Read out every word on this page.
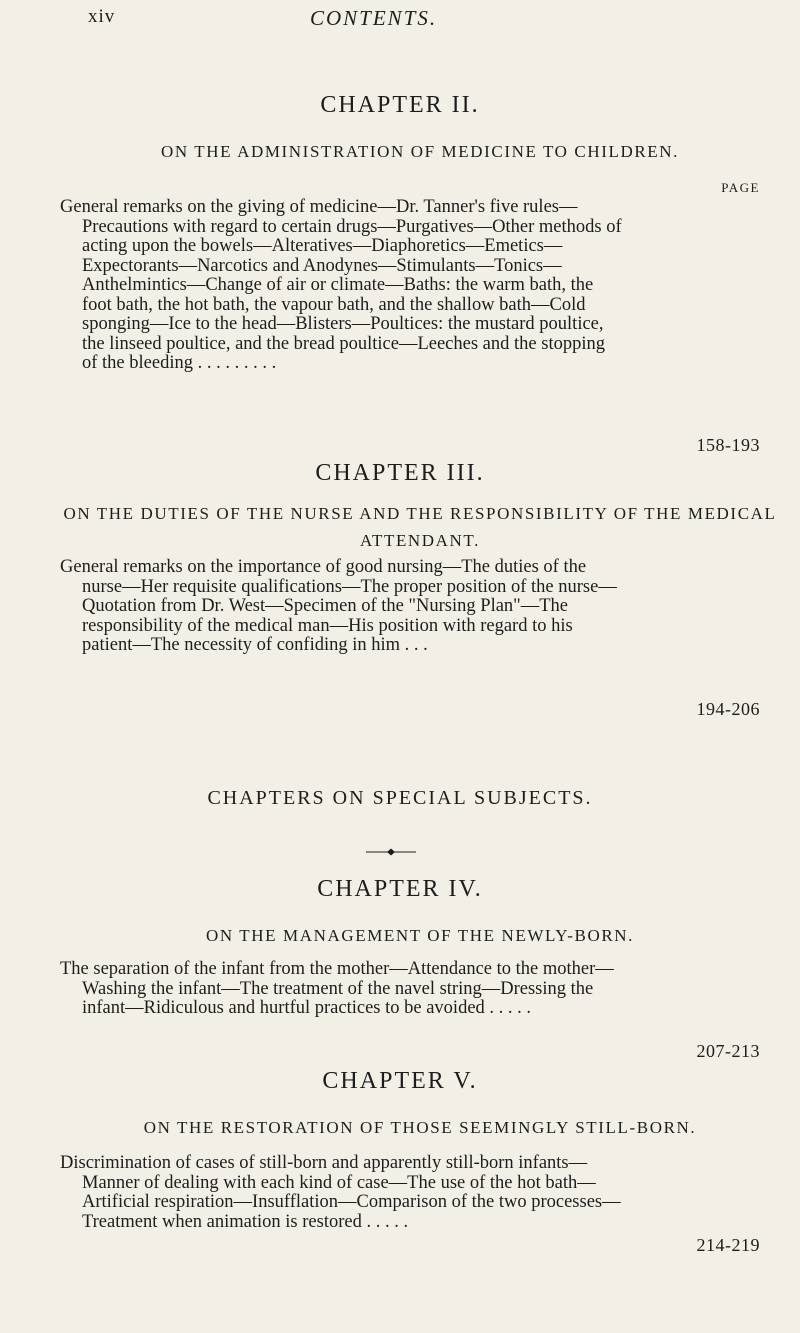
xiv	CONTENTS.
CHAPTER II.
ON THE ADMINISTRATION OF MEDICINE TO CHILDREN.
PAGE
General remarks on the giving of medicine—Dr. Tanner's five rules—Precautions with regard to certain drugs—Purgatives—Other methods of acting upon the bowels—Alteratives—Diaphoretics—Emetics—Expectorants—Narcotics and Anodynes—Stimulants—Tonics—Anthelmintics—Change of air or climate—Baths: the warm bath, the foot bath, the hot bath, the vapour bath, and the shallow bath—Cold sponging—Ice to the head—Blisters—Poultices: the mustard poultice, the linseed poultice, and the bread poultice—Leeches and the stopping of the bleeding . . . . . . . . .
158-193
CHAPTER III.
ON THE DUTIES OF THE NURSE AND THE RESPONSIBILITY OF THE MEDICAL ATTENDANT.
General remarks on the importance of good nursing—The duties of the nurse—Her requisite qualifications—The proper position of the nurse—Quotation from Dr. West—Specimen of the "Nursing Plan"—The responsibility of the medical man—His position with regard to his patient—The necessity of confiding in him . . .
194-206
CHAPTERS ON SPECIAL SUBJECTS.
CHAPTER IV.
ON THE MANAGEMENT OF THE NEWLY-BORN.
The separation of the infant from the mother—Attendance to the mother—Washing the infant—The treatment of the navel string—Dressing the infant—Ridiculous and hurtful practices to be avoided . . . . .
207-213
CHAPTER V.
ON THE RESTORATION OF THOSE SEEMINGLY STILL-BORN.
Discrimination of cases of still-born and apparently still-born infants—Manner of dealing with each kind of case—The use of the hot bath—Artificial respiration—Insufflation—Comparison of the two processes—Treatment when animation is restored . . . . .
214-219
